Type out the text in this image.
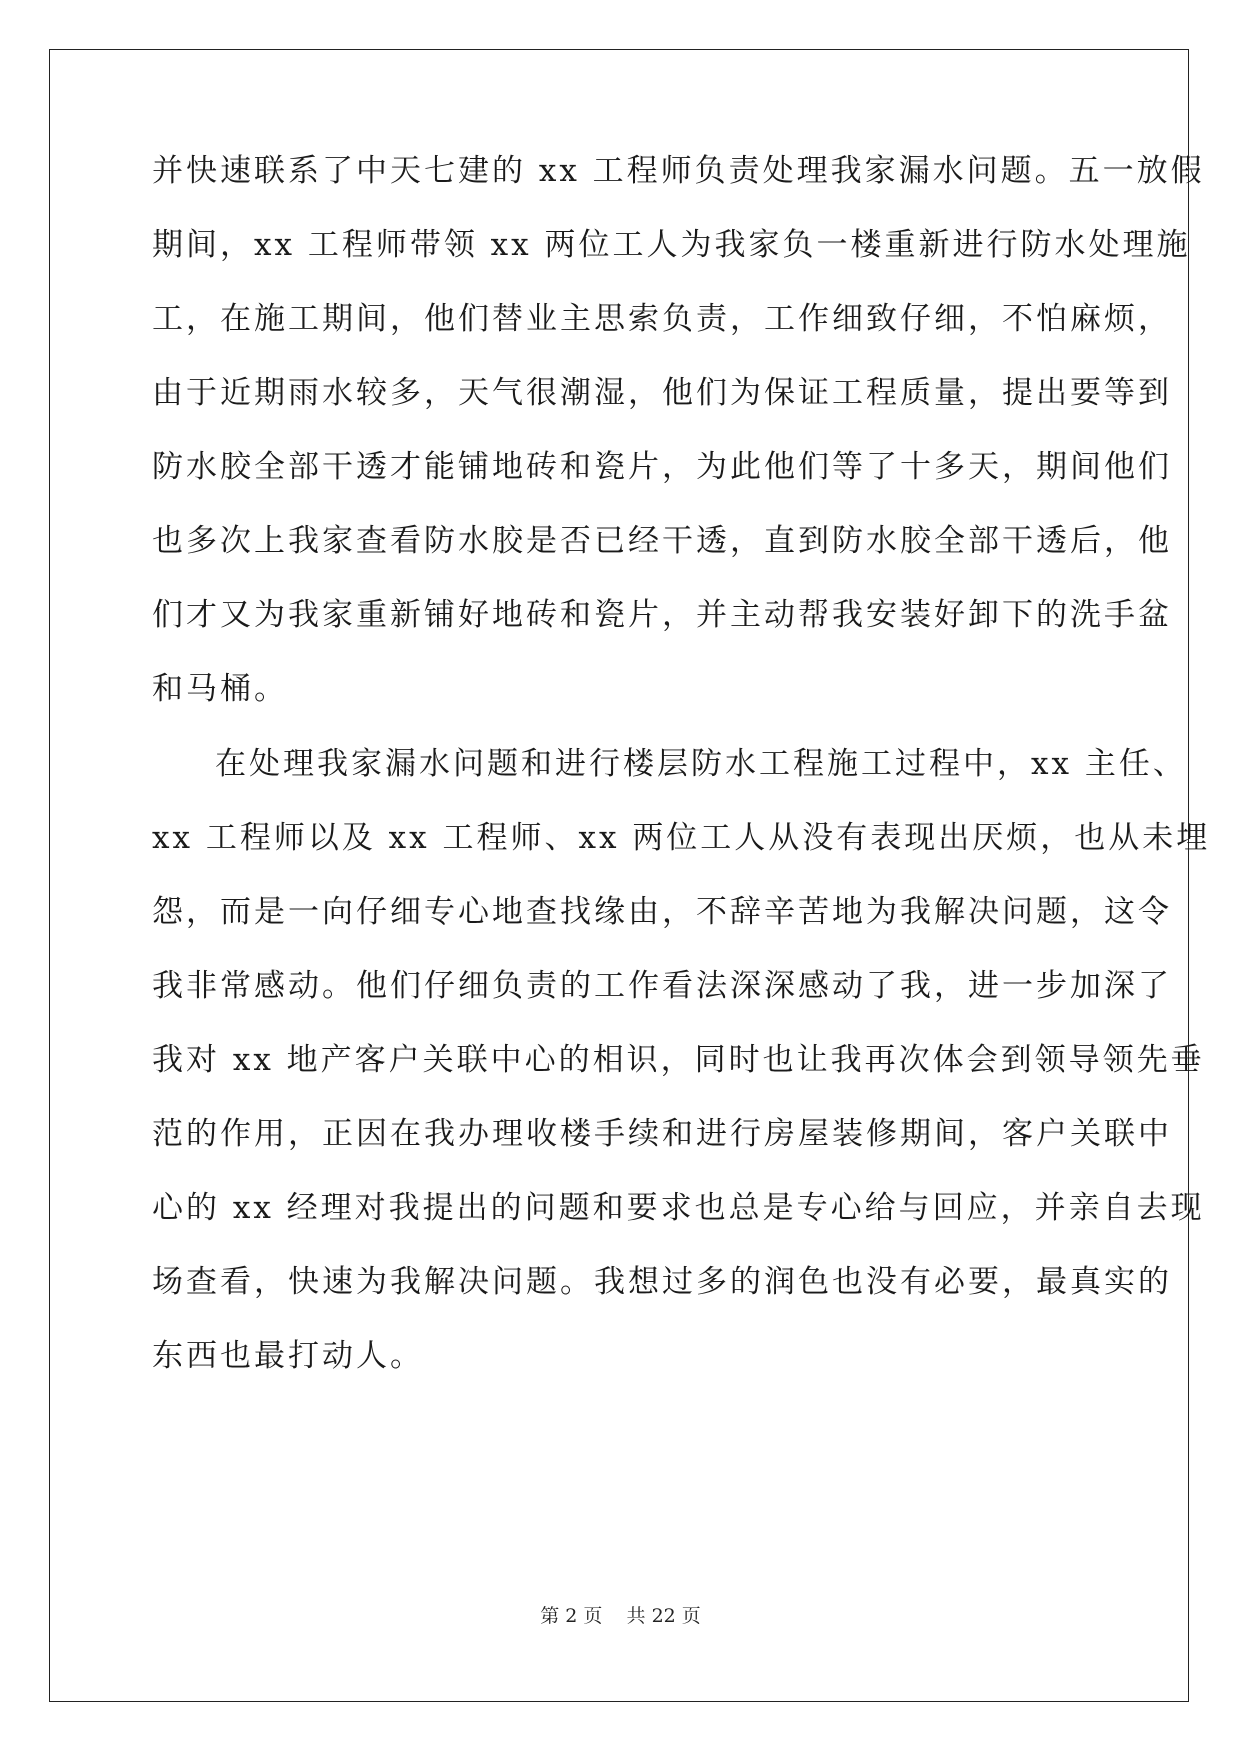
并快速联系了中天七建的 xx 工程师负责处理我家漏水问题。五一放假

期间，xx 工程师带领 xx 两位工人为我家负一楼重新进行防水处理施

工，在施工期间，他们替业主思索负责，工作细致仔细，不怕麻烦，

由于近期雨水较多，天气很潮湿，他们为保证工程质量，提出要等到

防水胶全部干透才能铺地砖和瓷片，为此他们等了十多天，期间他们

也多次上我家查看防水胶是否已经干透，直到防水胶全部干透后，他

们才又为我家重新铺好地砖和瓷片，并主动帮我安装好卸下的洗手盆

和马桶。

在处理我家漏水问题和进行楼层防水工程施工过程中，xx 主任、

xx 工程师以及 xx 工程师、xx 两位工人从没有表现出厌烦，也从未埋

怨，而是一向仔细专心地查找缘由，不辞辛苦地为我解决问题，这令

我非常感动。他们仔细负责的工作看法深深感动了我，进一步加深了

我对 xx 地产客户关联中心的相识，同时也让我再次体会到领导领先垂

范的作用，正因在我办理收楼手续和进行房屋装修期间，客户关联中

心的 xx 经理对我提出的问题和要求也总是专心给与回应，并亲自去现

场查看，快速为我解决问题。我想过多的润色也没有必要，最真实的

东西也最打动人。

第 2 页    共 22 页
